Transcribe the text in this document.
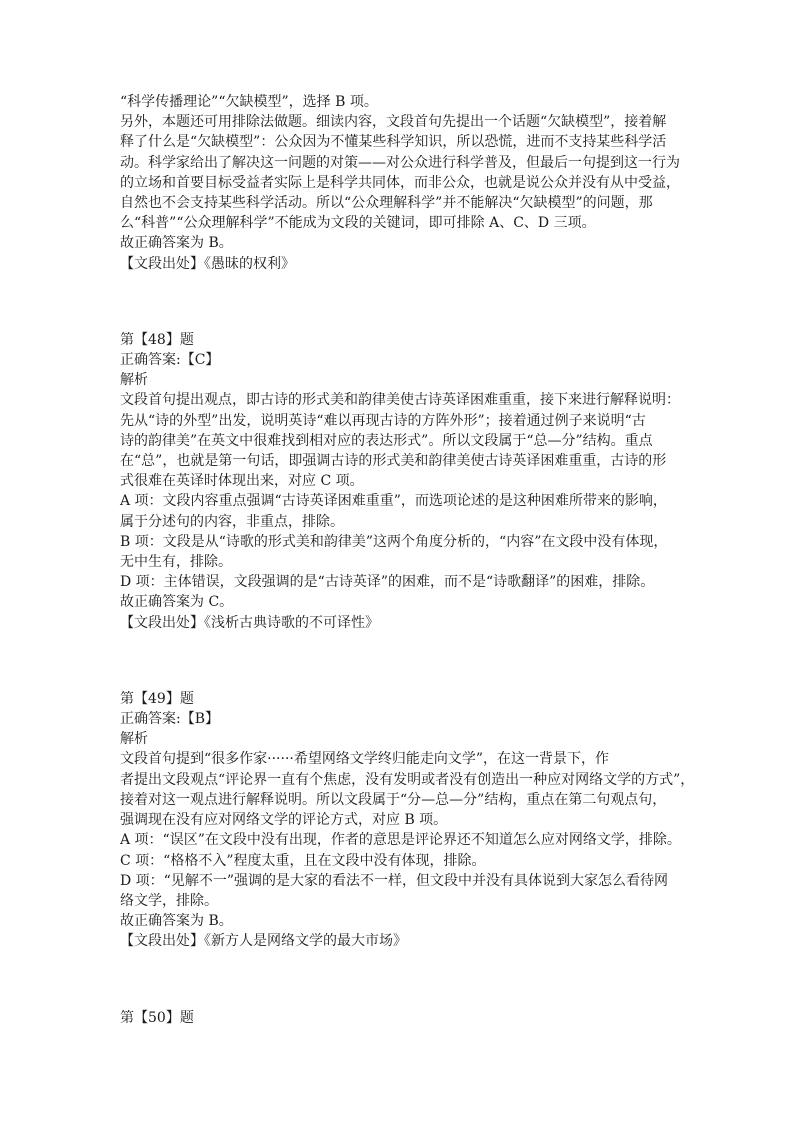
“科学传播理论”“欠缺模型”，选择 B 项。

另外，本题还可用排除法做题。细读内容，文段首句先提出一个话题“欠缺模型”，接着解

释了什么是“欠缺模型”：公众因为不懂某些科学知识，所以恐慌，进而不支持某些科学活

动。科学家给出了解决这一问题的对策——对公众进行科学普及，但最后一句提到这一行为

的立场和首要目标受益者实际上是科学共同体，而非公众，也就是说公众并没有从中受益，

自然也不会支持某些科学活动。所以“公众理解科学”并不能解决“欠缺模型”的问题，那

么“科普”“公众理解科学”不能成为文段的关键词，即可排除 A、C、D 三项。

故正确答案为 B。

【文段出处】《愚昧的权利》

第【48】题

正确答案:【C】

解析

文段首句提出观点，即古诗的形式美和韵律美使古诗英译困难重重，接下来进行解释说明：

先从“诗的外型”出发，说明英诗“难以再现古诗的方阵外形”；接着通过例子来说明“古

诗的韵律美”在英文中很难找到相对应的表达形式”。所以文段属于“总—分”结构。重点

在“总”，也就是第一句话，即强调古诗的形式美和韵律美使古诗英译困难重重，古诗的形

式很难在英译时体现出来，对应 C 项。

A 项：文段内容重点强调“古诗英译困难重重”，而选项论述的是这种困难所带来的影响，

属于分述句的内容，非重点，排除。

B 项：文段是从“诗歌的形式美和韵律美”这两个角度分析的，“内容”在文段中没有体现，

无中生有，排除。

D 项：主体错误，文段强调的是“古诗英译”的困难，而不是“诗歌翻译”的困难，排除。

故正确答案为 C。

【文段出处】《浅析古典诗歌的不可译性》

第【49】题

正确答案:【B】

解析

文段首句提到“很多作家······希望网络文学终归能走向文学”，在这一背景下，作

者提出文段观点“评论界一直有个焦虑，没有发明或者没有创造出一种应对网络文学的方式”，

接着对这一观点进行解释说明。所以文段属于“分—总—分”结构，重点在第二句观点句，

强调现在没有应对网络文学的评论方式，对应 B 项。

A 项：“误区”在文段中没有出现，作者的意思是评论界还不知道怎么应对网络文学，排除。

C 项：“格格不入”程度太重，且在文段中没有体现，排除。

D 项：“见解不一”强调的是大家的看法不一样，但文段中并没有具体说到大家怎么看待网

络文学，排除。

故正确答案为 B。

【文段出处】《新方人是网络文学的最大市场》

第【50】题
